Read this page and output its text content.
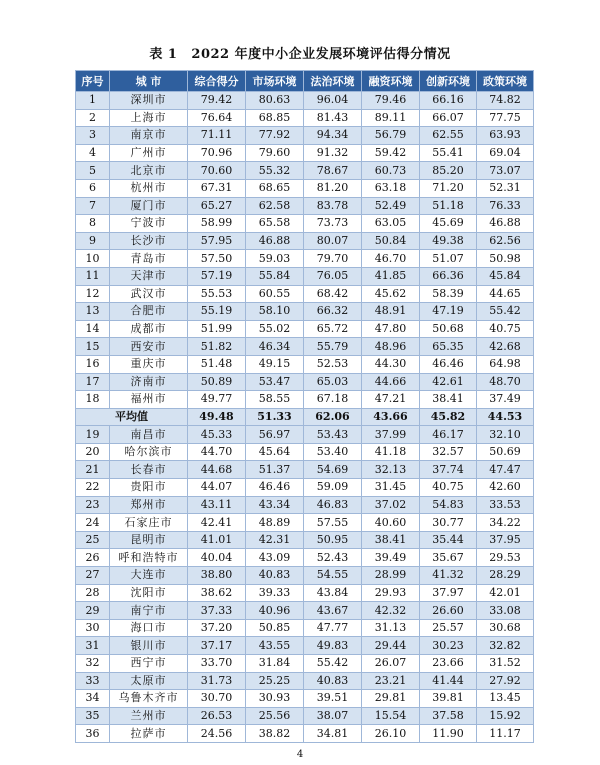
表 1 2022 年度中小企业发展环境评估得分情况
序号	城 市	综合得分	市场环境	法治环境	融资环境	创新环境	政策环境
1	深圳市	79.42	80.63	96.04	79.46	66.16	74.82
2	上海市	76.64	68.85	81.43	89.11	66.07	77.75
3	南京市	71.11	77.92	94.34	56.79	62.55	63.93
4	广州市	70.96	79.60	91.32	59.42	55.41	69.04
5	北京市	70.60	55.32	78.67	60.73	85.20	73.07
6	杭州市	67.31	68.65	81.20	63.18	71.20	52.31
7	厦门市	65.27	62.58	83.78	52.49	51.18	76.33
8	宁波市	58.99	65.58	73.73	63.05	45.69	46.88
9	长沙市	57.95	46.88	80.07	50.84	49.38	62.56
10	青岛市	57.50	59.03	79.70	46.70	51.07	50.98
11	天津市	57.19	55.84	76.05	41.85	66.36	45.84
12	武汉市	55.53	60.55	68.42	45.62	58.39	44.65
13	合肥市	55.19	58.10	66.32	48.91	47.19	55.42
14	成都市	51.99	55.02	65.72	47.80	50.68	40.75
15	西安市	51.82	46.34	55.79	48.96	65.35	42.68
16	重庆市	51.48	49.15	52.53	44.30	46.46	64.98
17	济南市	50.89	53.47	65.03	44.66	42.61	48.70
18	福州市	49.77	58.55	67.18	47.21	38.41	37.49
平均值		49.48	51.33	62.06	43.66	45.82	44.53
19	南昌市	45.33	56.97	53.43	37.99	46.17	32.10
20	哈尔滨市	44.70	45.64	53.40	41.18	32.57	50.69
21	长春市	44.68	51.37	54.69	32.13	37.74	47.47
22	贵阳市	44.07	46.46	59.09	31.45	40.75	42.60
23	郑州市	43.11	43.34	46.83	37.02	54.83	33.53
24	石家庄市	42.41	48.89	57.55	40.60	30.77	34.22
25	昆明市	41.01	42.31	50.95	38.41	35.44	37.95
26	呼和浩特市	40.04	43.09	52.43	39.49	35.67	29.53
27	大连市	38.80	40.83	54.55	28.99	41.32	28.29
28	沈阳市	38.62	39.33	43.84	29.93	37.97	42.01
29	南宁市	37.33	40.96	43.67	42.32	26.60	33.08
30	海口市	37.20	50.85	47.77	31.13	25.57	30.68
31	银川市	37.17	43.55	49.83	29.44	30.23	32.82
32	西宁市	33.70	31.84	55.42	26.07	23.66	31.52
33	太原市	31.73	25.25	40.83	23.21	41.44	27.92
34	乌鲁木齐市	30.70	30.93	39.51	29.81	39.81	13.45
35	兰州市	26.53	25.56	38.07	15.54	37.58	15.92
36	拉萨市	24.56	38.82	34.81	26.10	11.90	11.17
4
